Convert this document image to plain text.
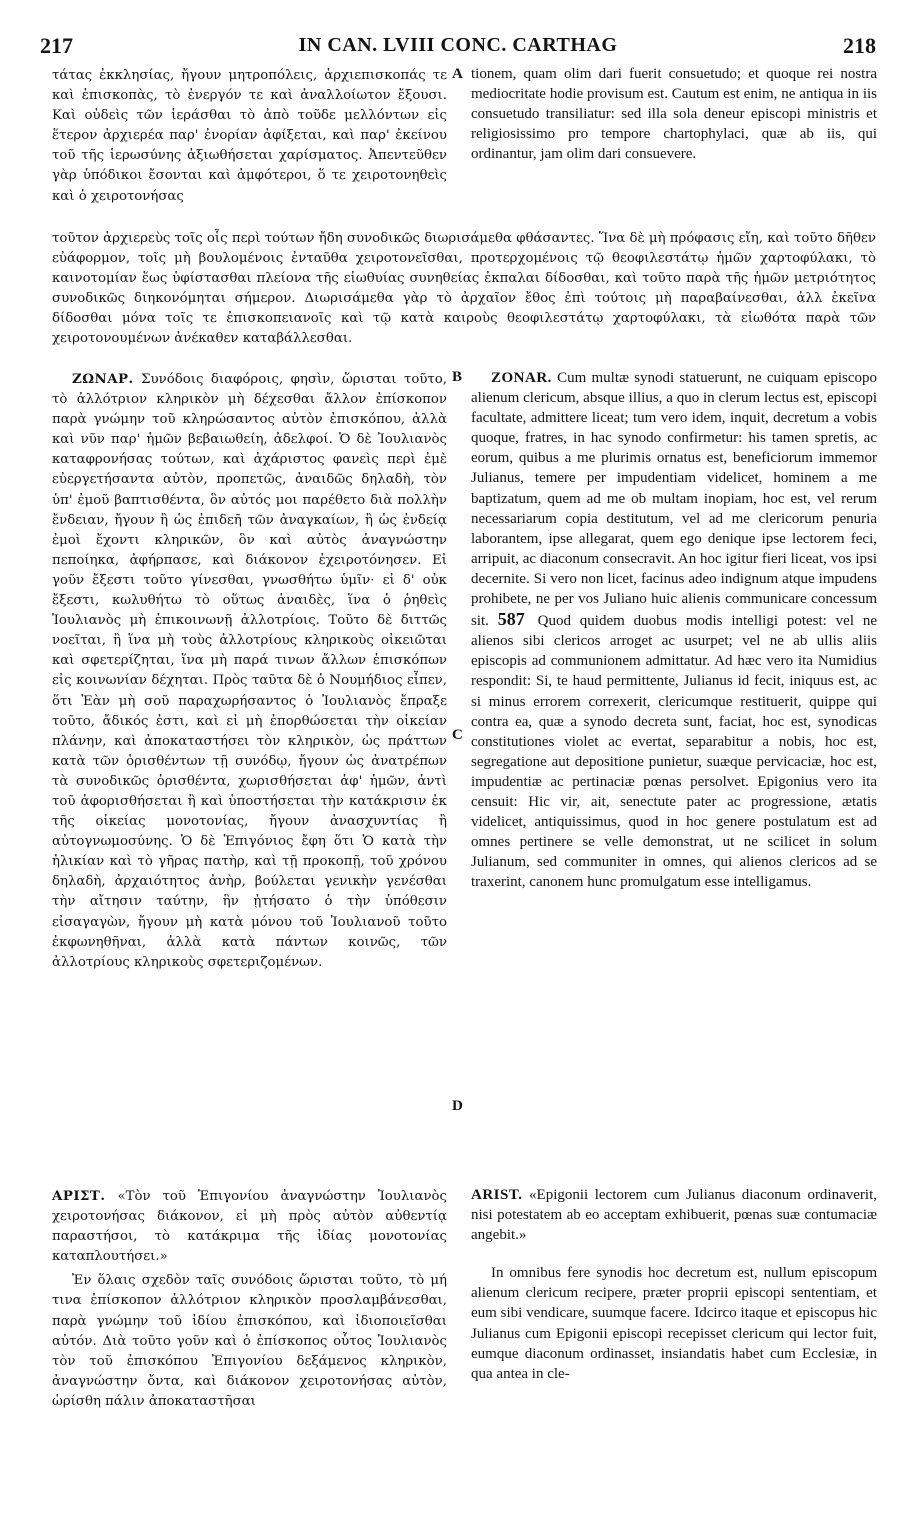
217	IN CAN. LVIII CONC. CARTHAG	218
A
B
C
D

τάτας ἐκκλησίας, ἤγουν μητροπόλεις, ἀρχιεπισκοπάς τε καὶ ἐπισκοπὰς, τὸ ἐνεργόν τε καὶ ἀναλλοίωτον ἔξουσι. Καὶ οὐδεὶς τῶν ἱεράσθαι τὸ ἀπὸ τοῦδε μελλόντων εἰς ἕτερον ἀρχιερέα παρ' ἐνορίαν ἀφίξεται, καὶ παρ' ἐκείνου τοῦ τῆς ἱερωσύνης ἀξιωθήσεται χαρίσματος. Ἀπεντεῦθεν γὰρ ὑπόδικοι ἔσονται καὶ ἀμφότεροι, ὅ τε χειροτονηθεὶς καὶ ὁ χειροτονήσας

tionem, quam olim dari fuerit consuetudo; et quoque rei nostra mediocritate hodie provisum est. Cautum est enim, ne antiqua in iis consuetudo transiliatur: sed illa sola deneur episcopi ministris et religiosissimo pro tempore chartophylaci, quæ ab iis, qui ordinantur, jam olim dari consuevere.

τοῦτον ἀρχιερεὺς τοῖς οἷς περὶ τούτων ἤδη συνοδικῶς διωρισάμεθα φθάσαντες. Ἵνα δὲ μὴ πρόφασις εἴη, καὶ τοῦτο δῆθεν εὐάφορμον, τοῖς μὴ βουλομένοις ἐνταῦθα χειροτονεῖσθαι, προτερχομένοις τῷ θεοφιλεστάτῳ ἡμῶν χαρτοφύλακι, τὸ καινοτομίαν ἕως ὑφίστασθαι πλείονα τῆς εἰωθυίας συνηθείας ἐκπαλαι δίδοσθαι, καὶ τοῦτο παρὰ τῆς ἡμῶν μετριότητος συνοδικῶς διηκονόμηται σήμερον. Διωρισάμεθα γὰρ τὸ ἀρχαῖον ἔθος ἐπὶ τούτοις μὴ παραβαίνεσθαι, ἀλλ ἐκεῖνα δίδοσθαι μόνα τοῖς τε ἐπισκοπειανοῖς καὶ τῷ κατὰ καιροὺς θεοφιλεστάτῳ χαρτοφύλακι, τὰ εἰωθότα παρὰ τῶν χειροτονουμένων ἀνέκαθεν καταβάλλεσθαι.

ΖΩΝΑΡ. Συνόδοις διαφόροις, φησὶν, ὥρισται τοῦτο, τὸ ἀλλότριον κληρικὸν μὴ δέχεσθαι ἄλλον ἐπίσκοπον παρὰ γνώμην τοῦ κληρώσαντος αὐτὸν ἐπισκόπου, ἀλλὰ καὶ νῦν παρ' ἡμῶν βεβαιωθείη, ἀδελφοί. Ὁ δὲ Ἰουλιανὸς καταφρονήσας τούτων, καὶ ἀχάριστος φανεὶς περὶ ἐμὲ εὐεργετήσαντα αὐτὸν, προπετῶς, ἀναιδῶς δηλαδὴ, τὸν ὑπ' ἐμοῦ βαπτισθέντα, ὃν αὐτός μοι παρέθετο διὰ πολλὴν ἔνδειαν, ἤγουν ἢ ὡς ἐπιδεῆ τῶν ἀναγκαίων, ἢ ὡς ἐνδείᾳ ἐμοὶ ἔχοντι κληρικῶν, ὃν καὶ αὐτὸς ἀναγνώστην πεποίηκα, ἀφήρπασε, καὶ διάκονον ἐχειροτόνησεν. Εἰ γοῦν ἔξεστι τοῦτο γίνεσθαι, γνωσθήτω ὑμῖν· εἰ δ' οὐκ ἔξεστι, κωλυθήτω τὸ οὕτως ἀναιδὲς, ἵνα ὁ ῥηθεὶς Ἰουλιανὸς μὴ ἐπικοινωνῇ ἀλλοτρίοις. Τοῦτο δὲ διττῶς νοεῖται, ἢ ἵνα μὴ τοὺς ἀλλοτρίους κληρικοὺς οἰκειῶται καὶ σφετερίζηται, ἵνα μὴ παρά τινων ἄλλων ἐπισκόπων εἰς κοινωνίαν δέχηται. Πρὸς ταῦτα δὲ ὁ Νουμήδιος εἶπεν, ὅτι Ἐὰν μὴ σοῦ παραχωρήσαντος ὁ Ἰουλιανὸς ἔπραξε τοῦτο, ἄδικός ἐστι, καὶ εἰ μὴ ἐπορθώσεται τὴν οἰκείαν πλάνην, καὶ ἀποκαταστήσει τὸν κληρικὸν, ὡς πράττων κατὰ τῶν ὁρισθέντων τῇ συνόδῳ, ἤγουν ὡς ἀνατρέπων τὰ συνοδικῶς ὁρισθέντα, χωρισθήσεται ἀφ' ἡμῶν, ἀντὶ τοῦ ἀφορισθήσεται ἢ καὶ ὑποστήσεται τὴν κατάκρισιν ἐκ τῆς οἰκείας μονοτονίας, ἤγουν ἀνασχυντίας ἢ αὐτογνωμοσύνης. Ὁ δὲ Ἐπιγόνιος ἔφη ὅτι Ὁ κατὰ τὴν ἡλικίαν καὶ τὸ γῆρας πατὴρ, καὶ τῇ προκοπῇ, τοῦ χρόνου δηλαδὴ, ἀρχαιότητος ἀνὴρ, βούλεται γενικὴν γενέσθαι τὴν αἴτησιν ταύτην, ἣν ᾐτήσατο ὁ τὴν ὑπόθεσιν εἰσαγαγὼν, ἤγουν μὴ κατὰ μόνου τοῦ Ἰουλιανοῦ τοῦτο ἐκφωνηθῆναι, ἀλλὰ κατὰ πάντων κοινῶς, τῶν ἀλλοτρίους κληρικοὺς σφετεριζομένων.

ZONAR. Cum multæ synodi statuerunt, ne cuiquam episcopo alienum clericum, absque illius, a quo in clerum lectus est, episcopi facultate, admittere liceat; tum vero idem, inquit, decretum a vobis quoque, fratres, in hac synodo confirmetur: his tamen spretis, ac eorum, quibus a me plurimis ornatus est, beneficiorum immemor Julianus, temere per impudentiam videlicet, hominem a me baptizatum, quem ad me ob multam inopiam, hoc est, vel rerum necessariarum copia destitutum, vel ad me clericorum penuria laborantem, ipse allegarat, quem ego denique ipse lectorem feci, arripuit, ac diaconum consecravit. An hoc igitur fieri liceat, vos ipsi decernite. Si vero non licet, facinus adeo indignum atque impudens prohibete, ne per vos Juliano huic alienis communicare concessum sit. 587 Quod quidem duobus modis intelligi potest: vel ne alienos sibi clericos arroget ac usurpet; vel ne ab ullis aliis episcopis ad communionem admittatur. Ad hæc vero ita Numidius respondit: Si, te haud permittente, Julianus id fecit, iniquus est, ac si minus errorem correxerit, clericumque restituerit, quippe qui contra ea, quæ a synodo decreta sunt, faciat, hoc est, synodicas constitutiones violet ac evertat, separabitur a nobis, hoc est, segregatione aut depositione punietur, suæque pervicaciæ, hoc est, impudentiæ ac pertinaciæ pœnas persolvet. Epigonius vero ita censuit: Hic vir, ait, senectute pater ac progressione, ætatis videlicet, antiquissimus, quod in hoc genere postulatum est ad omnes pertinere se velle demonstrat, ut ne scilicet in solum Julianum, sed communiter in omnes, qui alienos clericos ad se traxerint, canonem hunc promulgatum esse intelligamus.

ΑΡΙΣΤ. «Τὸν τοῦ Ἐπιγονίου ἀναγνώστην Ἰουλιανὸς χειροτονήσας διάκονον, εἰ μὴ πρὸς αὐτὸν αὐθεντίᾳ παραστήσοι, τὸ κατάκριμα τῆς ἰδίας μονοτονίας καταπλουτήσει.»

Ἐν ὅλαις σχεδὸν ταῖς συνόδοις ὥρισται τοῦτο, τὸ μή τινα ἐπίσκοπον ἀλλότριον κληρικὸν προσλαμβάνεσθαι, παρὰ γνώμην τοῦ ἰδίου ἐπισκόπου, καὶ ἰδιοποιεῖσθαι αὐτόν. Διὰ τοῦτο γοῦν καὶ ὁ ἐπίσκοπος οὗτος Ἰουλιανὸς τὸν τοῦ ἐπισκόπου Ἐπιγονίου δεξάμενος κληρικὸν, ἀναγνώστην ὄντα, καὶ διάκονον χειροτονήσας αὐτὸν, ὡρίσθη πάλιν ἀποκαταστῆσαι

ARIST. «Epigonii lectorem cum Julianus diaconum ordinaverit, nisi potestatem ab eo acceptam exhibuerit, pœnas suæ contumaciæ angebit.»

In omnibus fere synodis hoc decretum est, nullum episcopum alienum clericum recipere, præter proprii episcopi sententiam, et eum sibi vendicare, suumque facere. Idcirco itaque et episcopus hic Julianus cum Epigonii episcopi recepisset clericum qui lector fuit, eumque diaconum ordinasset, insiandatis habet cum Ecclesiæ, in qua antea in cle-
